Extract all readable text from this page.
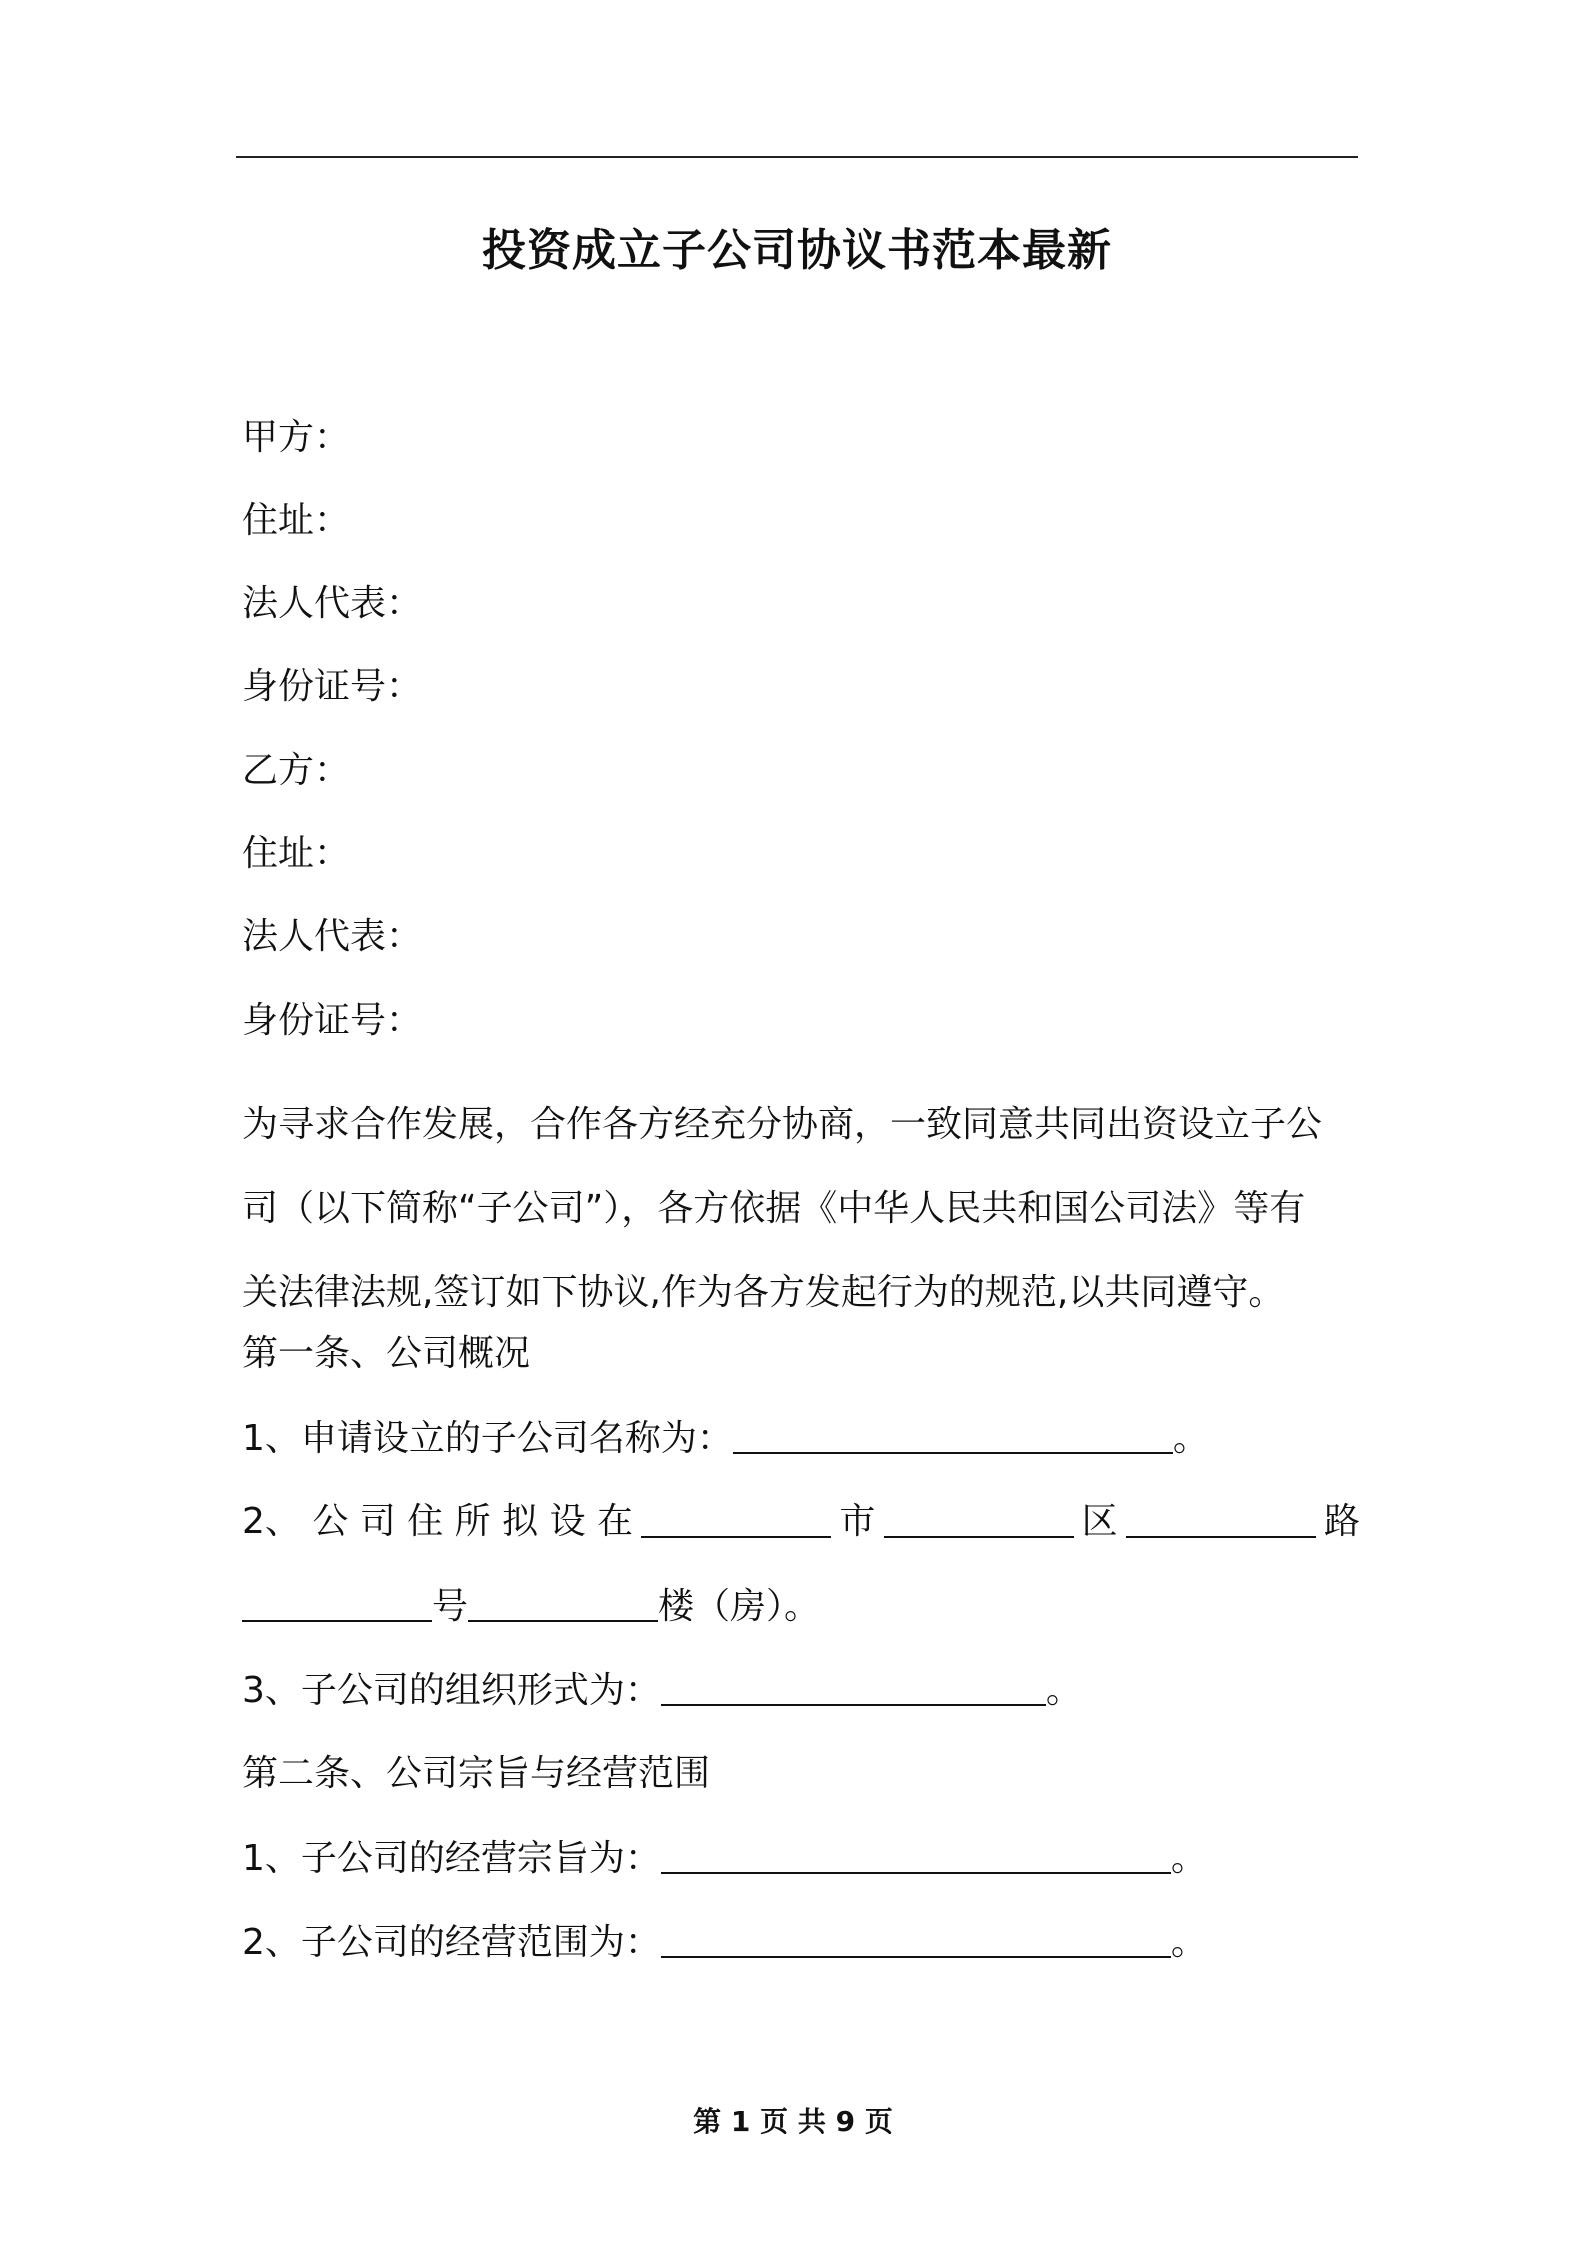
投资成立子公司协议书范本最新
甲方：
住址：
法人代表：
身份证号：
乙方：
住址：
法人代表：
身份证号：
为寻求合作发展，合作各方经充分协商，一致同意共同出资设立子公
司（以下简称“子公司”），各方依据《中华人民共和国公司法》等有
关法律法规,签订如下协议,作为各方发起行为的规范,以共同遵守。
第一条、公司概况
1、申请设立的子公司名称为：	。
2、 公 司 住 所 拟 设 在	市	区	路
号	楼（房）。
3、子公司的组织形式为：	。
第二条、公司宗旨与经营范围
1、子公司的经营宗旨为：	。
2、子公司的经营范围为：	。
第 1 页 共 9 页
